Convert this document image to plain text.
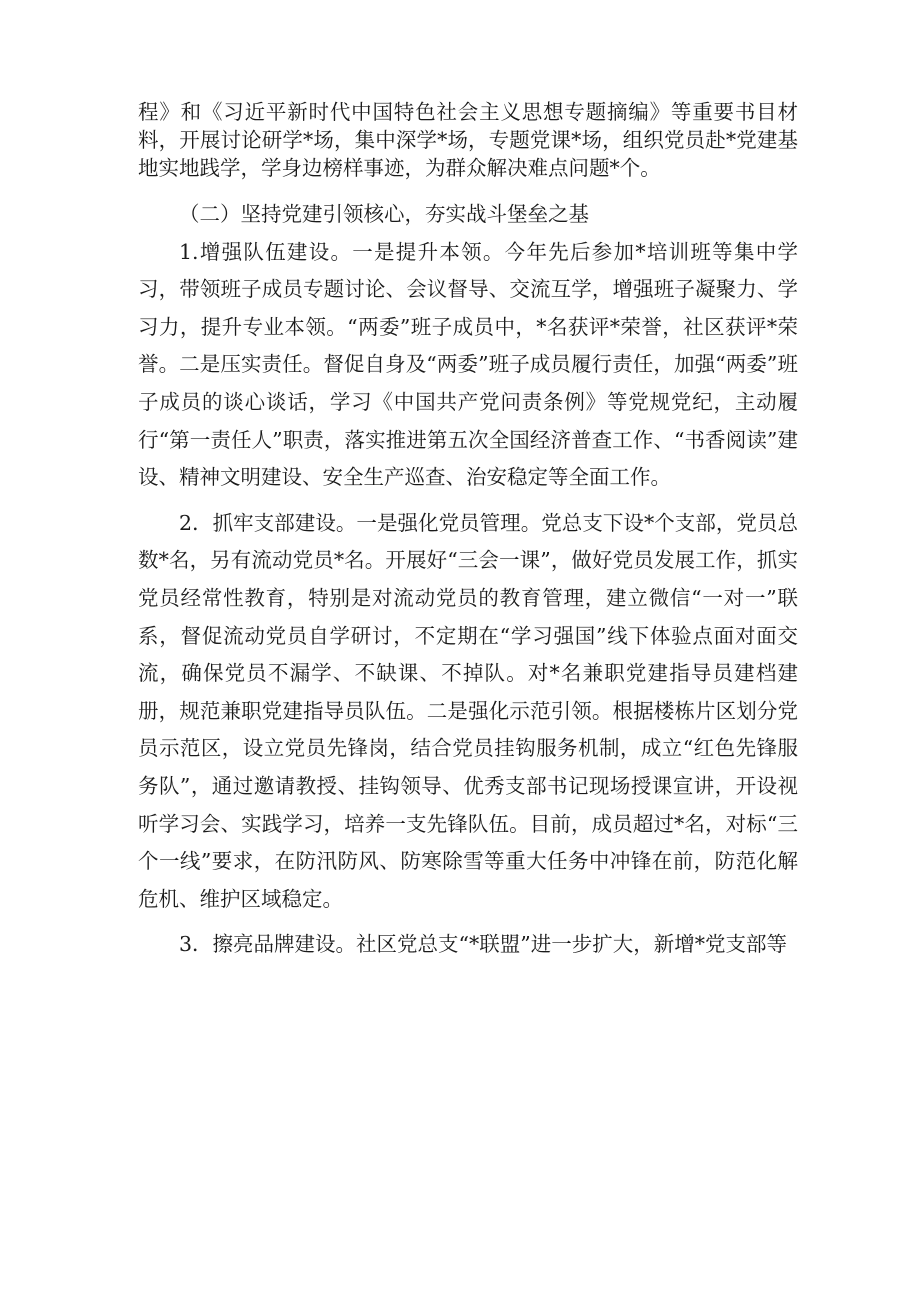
程》和《习近平新时代中国特色社会主义思想专题摘编》等重要书目材料，开展讨论研学*场，集中深学*场，专题党课*场，组织党员赴*党建基地实地践学，学身边榜样事迹，为群众解决难点问题*个。

（二）坚持党建引领核心，夯实战斗堡垒之基

1.增强队伍建设。一是提升本领。今年先后参加*培训班等集中学习，带领班子成员专题讨论、会议督导、交流互学，增强班子凝聚力、学习力，提升专业本领。“两委”班子成员中，*名获评*荣誉，社区获评*荣誉。二是压实责任。督促自身及“两委”班子成员履行责任，加强“两委”班子成员的谈心谈话，学习《中国共产党问责条例》等党规党纪，主动履行“第一责任人”职责，落实推进第五次全国经济普查工作、“书香阅读”建设、精神文明建设、安全生产巡查、治安稳定等全面工作。

2．抓牢支部建设。一是强化党员管理。党总支下设*个支部，党员总数*名，另有流动党员*名。开展好“三会一课”，做好党员发展工作，抓实党员经常性教育，特别是对流动党员的教育管理，建立微信“一对一”联系，督促流动党员自学研讨，不定期在“学习强国”线下体验点面对面交流，确保党员不漏学、不缺课、不掉队。对*名兼职党建指导员建档建册，规范兼职党建指导员队伍。二是强化示范引领。根据楼栋片区划分党员示范区，设立党员先锋岗，结合党员挂钩服务机制，成立“红色先锋服务队”，通过邀请教授、挂钩领导、优秀支部书记现场授课宣讲，开设视听学习会、实践学习，培养一支先锋队伍。目前，成员超过*名，对标“三个一线”要求，在防汛防风、防寒除雪等重大任务中冲锋在前，防范化解危机、维护区域稳定。

3．擦亮品牌建设。社区党总支“*联盟”进一步扩大，新增*党支部等
